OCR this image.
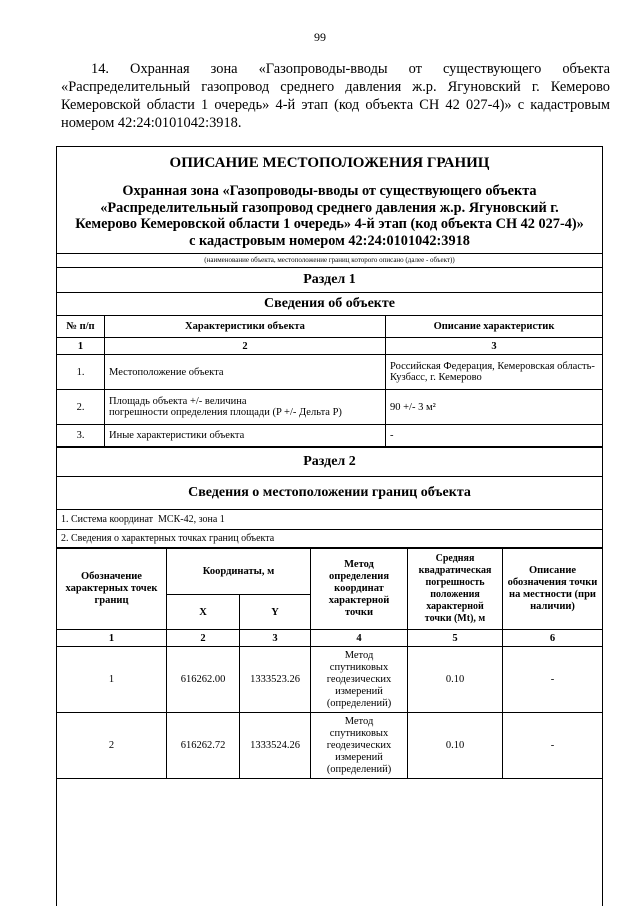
99
14. Охранная зона «Газопроводы-вводы от существующего объекта «Распределительный газопровод среднего давления ж.р. Ягуновский г. Кемерово Кемеровской области 1 очередь» 4-й этап (код объекта СН 42 027-4)» с кадастровым номером 42:24:0101042:3918.
ОПИСАНИЕ МЕСТОПОЛОЖЕНИЯ ГРАНИЦ
Охранная зона «Газопроводы-вводы от существующего объекта
«Распределительный газопровод среднего давления ж.р. Ягуновский г.
Кемерово Кемеровской области 1 очередь» 4-й этап (код объекта СН 42 027-4)»
с кадастровым номером 42:24:0101042:3918
(наименование объекта, местоположение границ которого описано (далее - объект))
Раздел 1		
Сведения об объекте		
№ п/п	Характеристики объекта	Описание характеристик
1	2	3
1.	Местоположение объекта	Российская Федерация, Кемеровская область-Кузбасс, г. Кемерово
2.	Площадь объекта +/- величина
погрешности определения площади (P +/- Дельта P)	90 +/- 3 м²
3.	Иные характеристики объекта	-
Раздел 2
Сведения о местоположении границ объекта
1. Система координат МСК-42, зона 1
2. Сведения о характерных точках границ объекта
Обозначение характерных точек границ	Координаты, м		Метод определения координат характерной точки	Средняя квадратическая погрешность положения характерной точки (Mt), м	Описание обозначения точки на местности (при наличии)
	X	Y			
1	2	3	4	5	6
1	616262.00	1333523.26	Метод спутниковых геодезических измерений (определений)	0.10	-
2	616262.72	1333524.26	Метод спутниковых геодезических измерений (определений)	0.10	-
